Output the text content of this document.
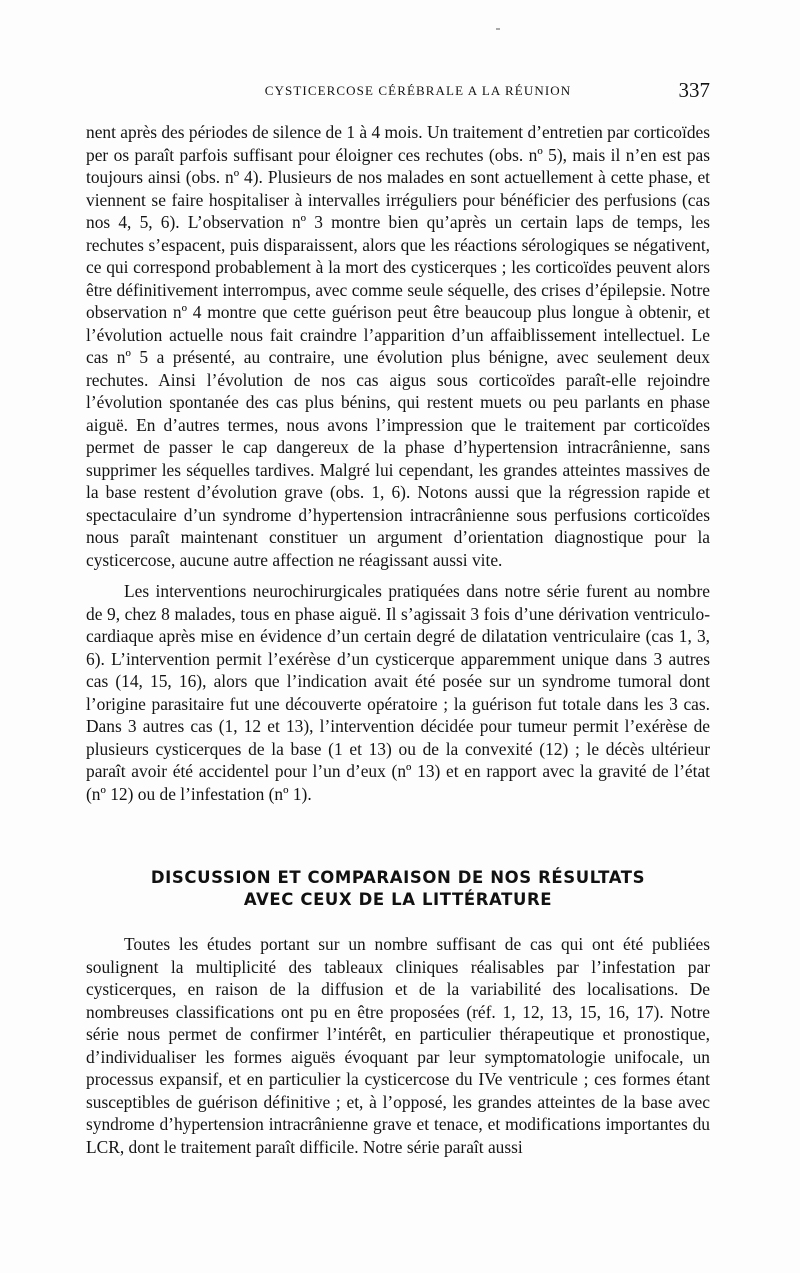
CYSTICERCOSE CÉRÉBRALE A LA RÉUNION	337

nent après des périodes de silence de 1 à 4 mois. Un traitement d’entretien par corticoïdes per os paraît parfois suffisant pour éloigner ces rechutes (obs. nº 5), mais il n’en est pas toujours ainsi (obs. nº 4). Plusieurs de nos malades en sont actuellement à cette phase, et viennent se faire hospitaliser à intervalles irréguliers pour bénéficier des perfusions (cas nos 4, 5, 6). L’observation nº 3 montre bien qu’après un certain laps de temps, les rechutes s’espacent, puis disparaissent, alors que les réactions sérologiques se négativent, ce qui correspond probablement à la mort des cysticerques ; les corticoïdes peuvent alors être définitivement interrompus, avec comme seule séquelle, des crises d’épilepsie. Notre observation nº 4 montre que cette guérison peut être beaucoup plus longue à obtenir, et l’évolution actuelle nous fait craindre l’apparition d’un affaiblissement intellectuel. Le cas nº 5 a présenté, au contraire, une évolution plus bénigne, avec seulement deux rechutes. Ainsi l’évolution de nos cas aigus sous corticoïdes paraît-elle rejoindre l’évolution spontanée des cas plus bénins, qui restent muets ou peu parlants en phase aiguë. En d’autres termes, nous avons l’impression que le traitement par corticoïdes permet de passer le cap dangereux de la phase d’hypertension intracrânienne, sans supprimer les séquelles tardives. Malgré lui cependant, les grandes atteintes massives de la base restent d’évolution grave (obs. 1, 6). Notons aussi que la régression rapide et spectaculaire d’un syndrome d’hypertension intracrânienne sous perfusions corticoïdes nous paraît maintenant constituer un argument d’orientation diagnostique pour la cysticercose, aucune autre affection ne réagissant aussi vite.

Les interventions neurochirurgicales pratiquées dans notre série furent au nombre de 9, chez 8 malades, tous en phase aiguë. Il s’agissait 3 fois d’une dérivation ventriculo-cardiaque après mise en évidence d’un certain degré de dilatation ventriculaire (cas 1, 3, 6). L’intervention permit l’exérèse d’un cysticerque apparemment unique dans 3 autres cas (14, 15, 16), alors que l’indication avait été posée sur un syndrome tumoral dont l’origine parasitaire fut une découverte opératoire ; la guérison fut totale dans les 3 cas. Dans 3 autres cas (1, 12 et 13), l’intervention décidée pour tumeur permit l’exérèse de plusieurs cysticerques de la base (1 et 13) ou de la convexité (12) ; le décès ultérieur paraît avoir été accidentel pour l’un d’eux (nº 13) et en rapport avec la gravité de l’état (nº 12) ou de l’infestation (nº 1).

DISCUSSION ET COMPARAISON DE NOS RÉSULTATS
AVEC CEUX DE LA LITTÉRATURE

Toutes les études portant sur un nombre suffisant de cas qui ont été publiées soulignent la multiplicité des tableaux cliniques réalisables par l’infestation par cysticerques, en raison de la diffusion et de la variabilité des localisations. De nombreuses classifications ont pu en être proposées (réf. 1, 12, 13, 15, 16, 17). Notre série nous permet de confirmer l’intérêt, en particulier thérapeutique et pronostique, d’individualiser les formes aiguës évoquant par leur symptomatologie unifocale, un processus expansif, et en particulier la cysticercose du IVe ventricule ; ces formes étant susceptibles de guérison définitive ; et, à l’opposé, les grandes atteintes de la base avec syndrome d’hypertension intracrânienne grave et tenace, et modifications importantes du LCR, dont le traitement paraît difficile. Notre série paraît aussi
